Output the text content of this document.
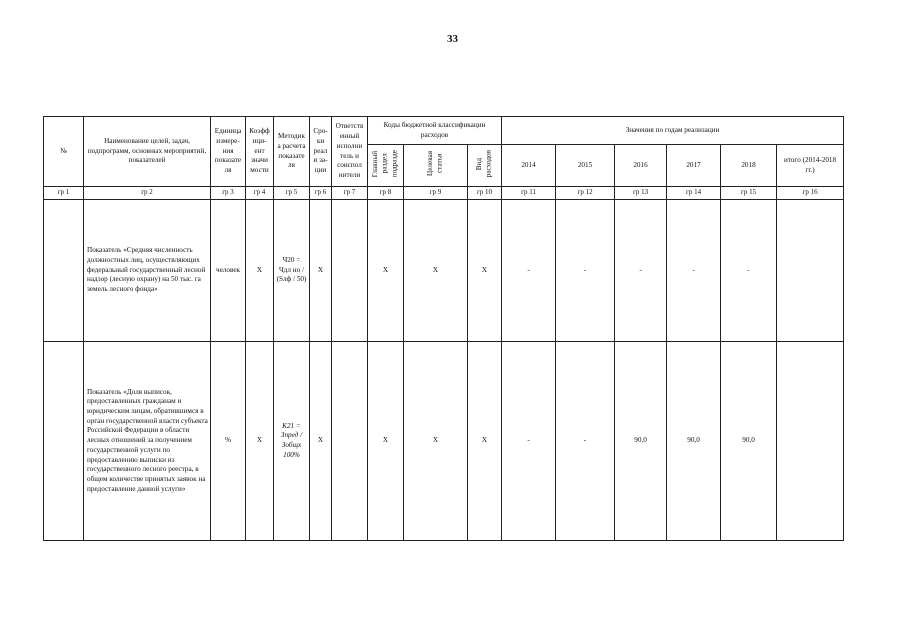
33
№	Наименование целей, задач, подпрограмм, основных мероприятий, показателей	Единица измере-ния показате ля	Коэфф ици-ент значи мости	Методик а расчета показате ля	Сро-ки реали за-ции	Ответств енный исполни тель и соиспол нители	Коды бюджетной классификации расходов			Значения по годам реализации					
							Главный
раздел
подразде	Целевая
статья	Вид
расходов	2014	2015	2016	2017	2018	итого (2014-2018 гг.)
гр 1	гр 2	гр 3	гр 4	гр 5	гр 6	гр 7	гр 8	гр 9	гр 10	гр 11	гр 12	гр 13	гр 14	гр 15	гр 16
	Показатель «Средняя численность должностных лиц, осуществляющих федеральный государственный лесной надзор (лесную охрану) на 50 тыс. га земель лесного фонда»	человек	X	Ч20 = Чдл но / (Sлф / 50)	X		X	X	X	-	-	-	-	-	
	Показатель «Доля выписок, предоставленных гражданам и юридическим лицам, обратившимся в орган государственной власти субъекта Российской Федерации в области лесных отношений за получением государственной услуги по предоставлению выписки из государственного лесного реестра, в общем количестве принятых заявок на предоставление данной услуги»	%	X	K21 = Зпред /Зобщх 100%	X		X	X	X	-	-	90,0	90,0	90,0	
